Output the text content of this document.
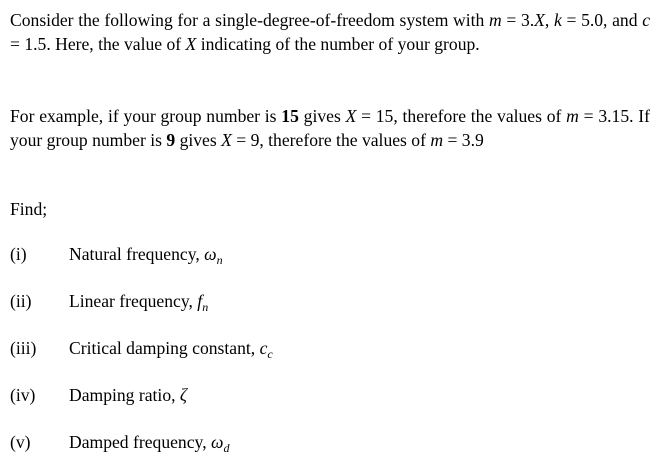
Consider the following for a single-degree-of-freedom system with m = 3.X, k = 5.0, and c = 1.5. Here, the value of X indicating of the number of your group.
For example, if your group number is 15 gives X = 15, therefore the values of m = 3.15. If your group number is 9 gives X = 9, therefore the values of m = 3.9
Find;
(i) Natural frequency, $\omega_n$
(ii) Linear frequency, $f_n$
(iii) Critical damping constant, $c_c$
(iv) Damping ratio, ζ
(v) Damped frequency, $\omega_d$
